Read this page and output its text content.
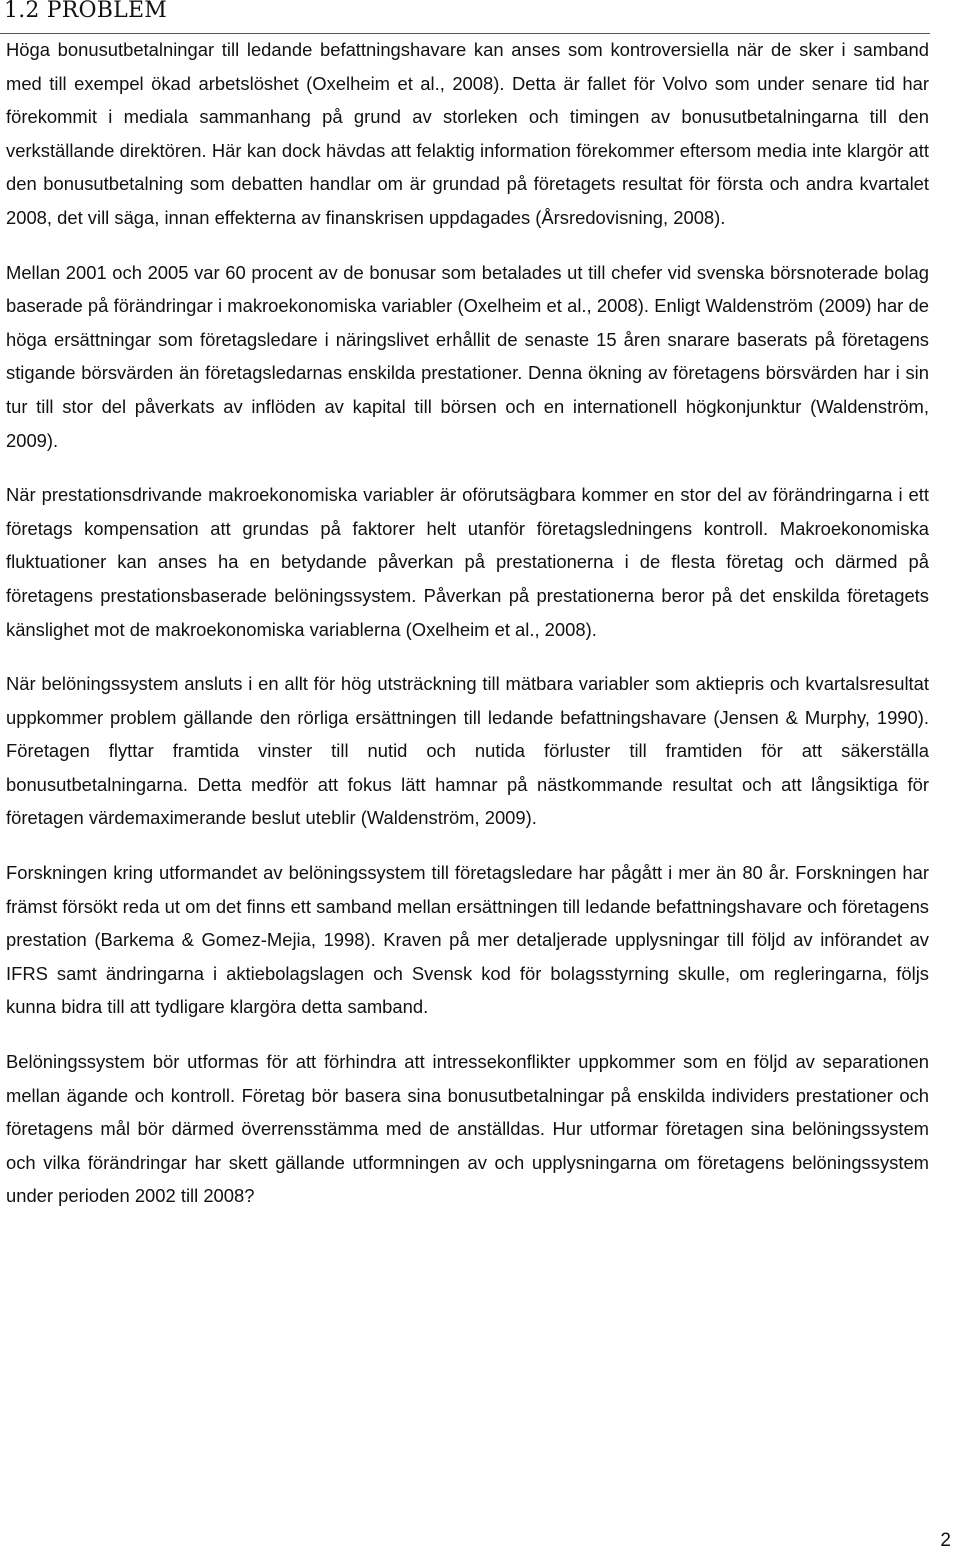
1.2 PROBLEM

Höga bonusutbetalningar till ledande befattningshavare kan anses som kontroversiella när de sker i samband med till exempel ökad arbetslöshet (Oxelheim et al., 2008). Detta är fallet för Volvo som under senare tid har förekommit i mediala sammanhang på grund av storleken och timingen av bonusutbetalningarna till den verkställande direktören. Här kan dock hävdas att felaktig information förekommer eftersom media inte klargör att den bonusutbetalning som debatten handlar om är grundad på företagets resultat för första och andra kvartalet 2008, det vill säga, innan effekterna av finanskrisen uppdagades (Årsredovisning, 2008).

Mellan 2001 och 2005 var 60 procent av de bonusar som betalades ut till chefer vid svenska börsnoterade bolag baserade på förändringar i makroekonomiska variabler (Oxelheim et al., 2008). Enligt Waldenström (2009) har de höga ersättningar som företagsledare i näringslivet erhållit de senaste 15 åren snarare baserats på företagens stigande börsvärden än företagsledarnas enskilda prestationer. Denna ökning av företagens börsvärden har i sin tur till stor del påverkats av inflöden av kapital till börsen och en internationell högkonjunktur (Waldenström, 2009).

När prestationsdrivande makroekonomiska variabler är oförutsägbara kommer en stor del av förändringarna i ett företags kompensation att grundas på faktorer helt utanför företagsledningens kontroll. Makroekonomiska fluktuationer kan anses ha en betydande påverkan på prestationerna i de flesta företag och därmed på företagens prestationsbaserade belöningssystem. Påverkan på prestationerna beror på det enskilda företagets känslighet mot de makroekonomiska variablerna (Oxelheim et al., 2008).

När belöningssystem ansluts i en allt för hög utsträckning till mätbara variabler som aktiepris och kvartalsresultat uppkommer problem gällande den rörliga ersättningen till ledande befattningshavare (Jensen & Murphy, 1990). Företagen flyttar framtida vinster till nutid och nutida förluster till framtiden för att säkerställa bonusutbetalningarna. Detta medför att fokus lätt hamnar på nästkommande resultat och att långsiktiga för företagen värdemaximerande beslut uteblir (Waldenström, 2009).

Forskningen kring utformandet av belöningssystem till företagsledare har pågått i mer än 80 år. Forskningen har främst försökt reda ut om det finns ett samband mellan ersättningen till ledande befattningshavare och företagens prestation (Barkema & Gomez-Mejia, 1998). Kraven på mer detaljerade upplysningar till följd av införandet av IFRS samt ändringarna i aktiebolagslagen och Svensk kod för bolagsstyrning skulle, om regleringarna, följs kunna bidra till att tydligare klargöra detta samband.

Belöningssystem bör utformas för att förhindra att intressekonflikter uppkommer som en följd av separationen mellan ägande och kontroll. Företag bör basera sina bonusutbetalningar på enskilda individers prestationer och företagens mål bör därmed överrensstämma med de anställdas. Hur utformar företagen sina belöningssystem och vilka förändringar har skett gällande utformningen av och upplysningarna om företagens belöningssystem under perioden 2002 till 2008?

2
